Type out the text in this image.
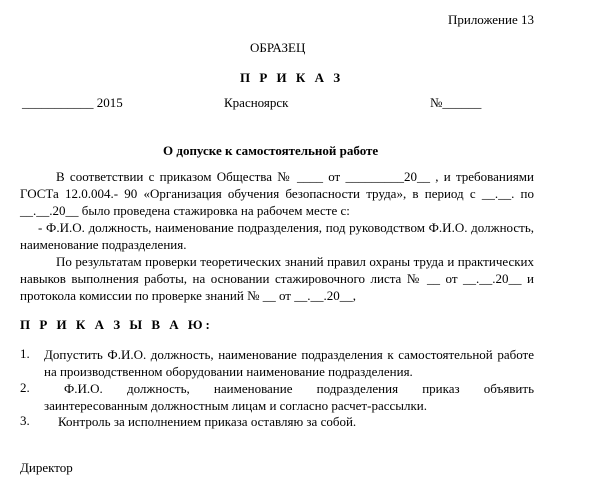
Приложение 13
ОБРАЗЕЦ
П Р И К А З
___________ 2015	Красноярск	№______
О допуске к самостоятельной работе
В соответствии с приказом Общества № ____ от _________20__ , и требованиями ГОСТа 12.0.004.- 90 «Организация обучения безопасности труда», в период с __.__. по __.__.20__ было проведена стажировка на рабочем месте с:
- Ф.И.О. должность, наименование подразделения, под руководством Ф.И.О. должность, наименование подразделения.
По результатам проверки теоретических знаний правил охраны труда и практических навыков выполнения работы, на основании стажировочного листа № __ от __.__.20__ и протокола комиссии по проверке знаний № __ от __.__.20__,
П Р И К А З Ы В А Ю:
1. Допустить Ф.И.О. должность, наименование подразделения к самостоятельной работе на производственном оборудовании наименование подразделения.
2.	Ф.И.О. должность, наименование подразделения приказ объявить заинтересованным должностным лицам и согласно расчет-рассылки.
3. Контроль за исполнением приказа оставляю за собой.
Директор
